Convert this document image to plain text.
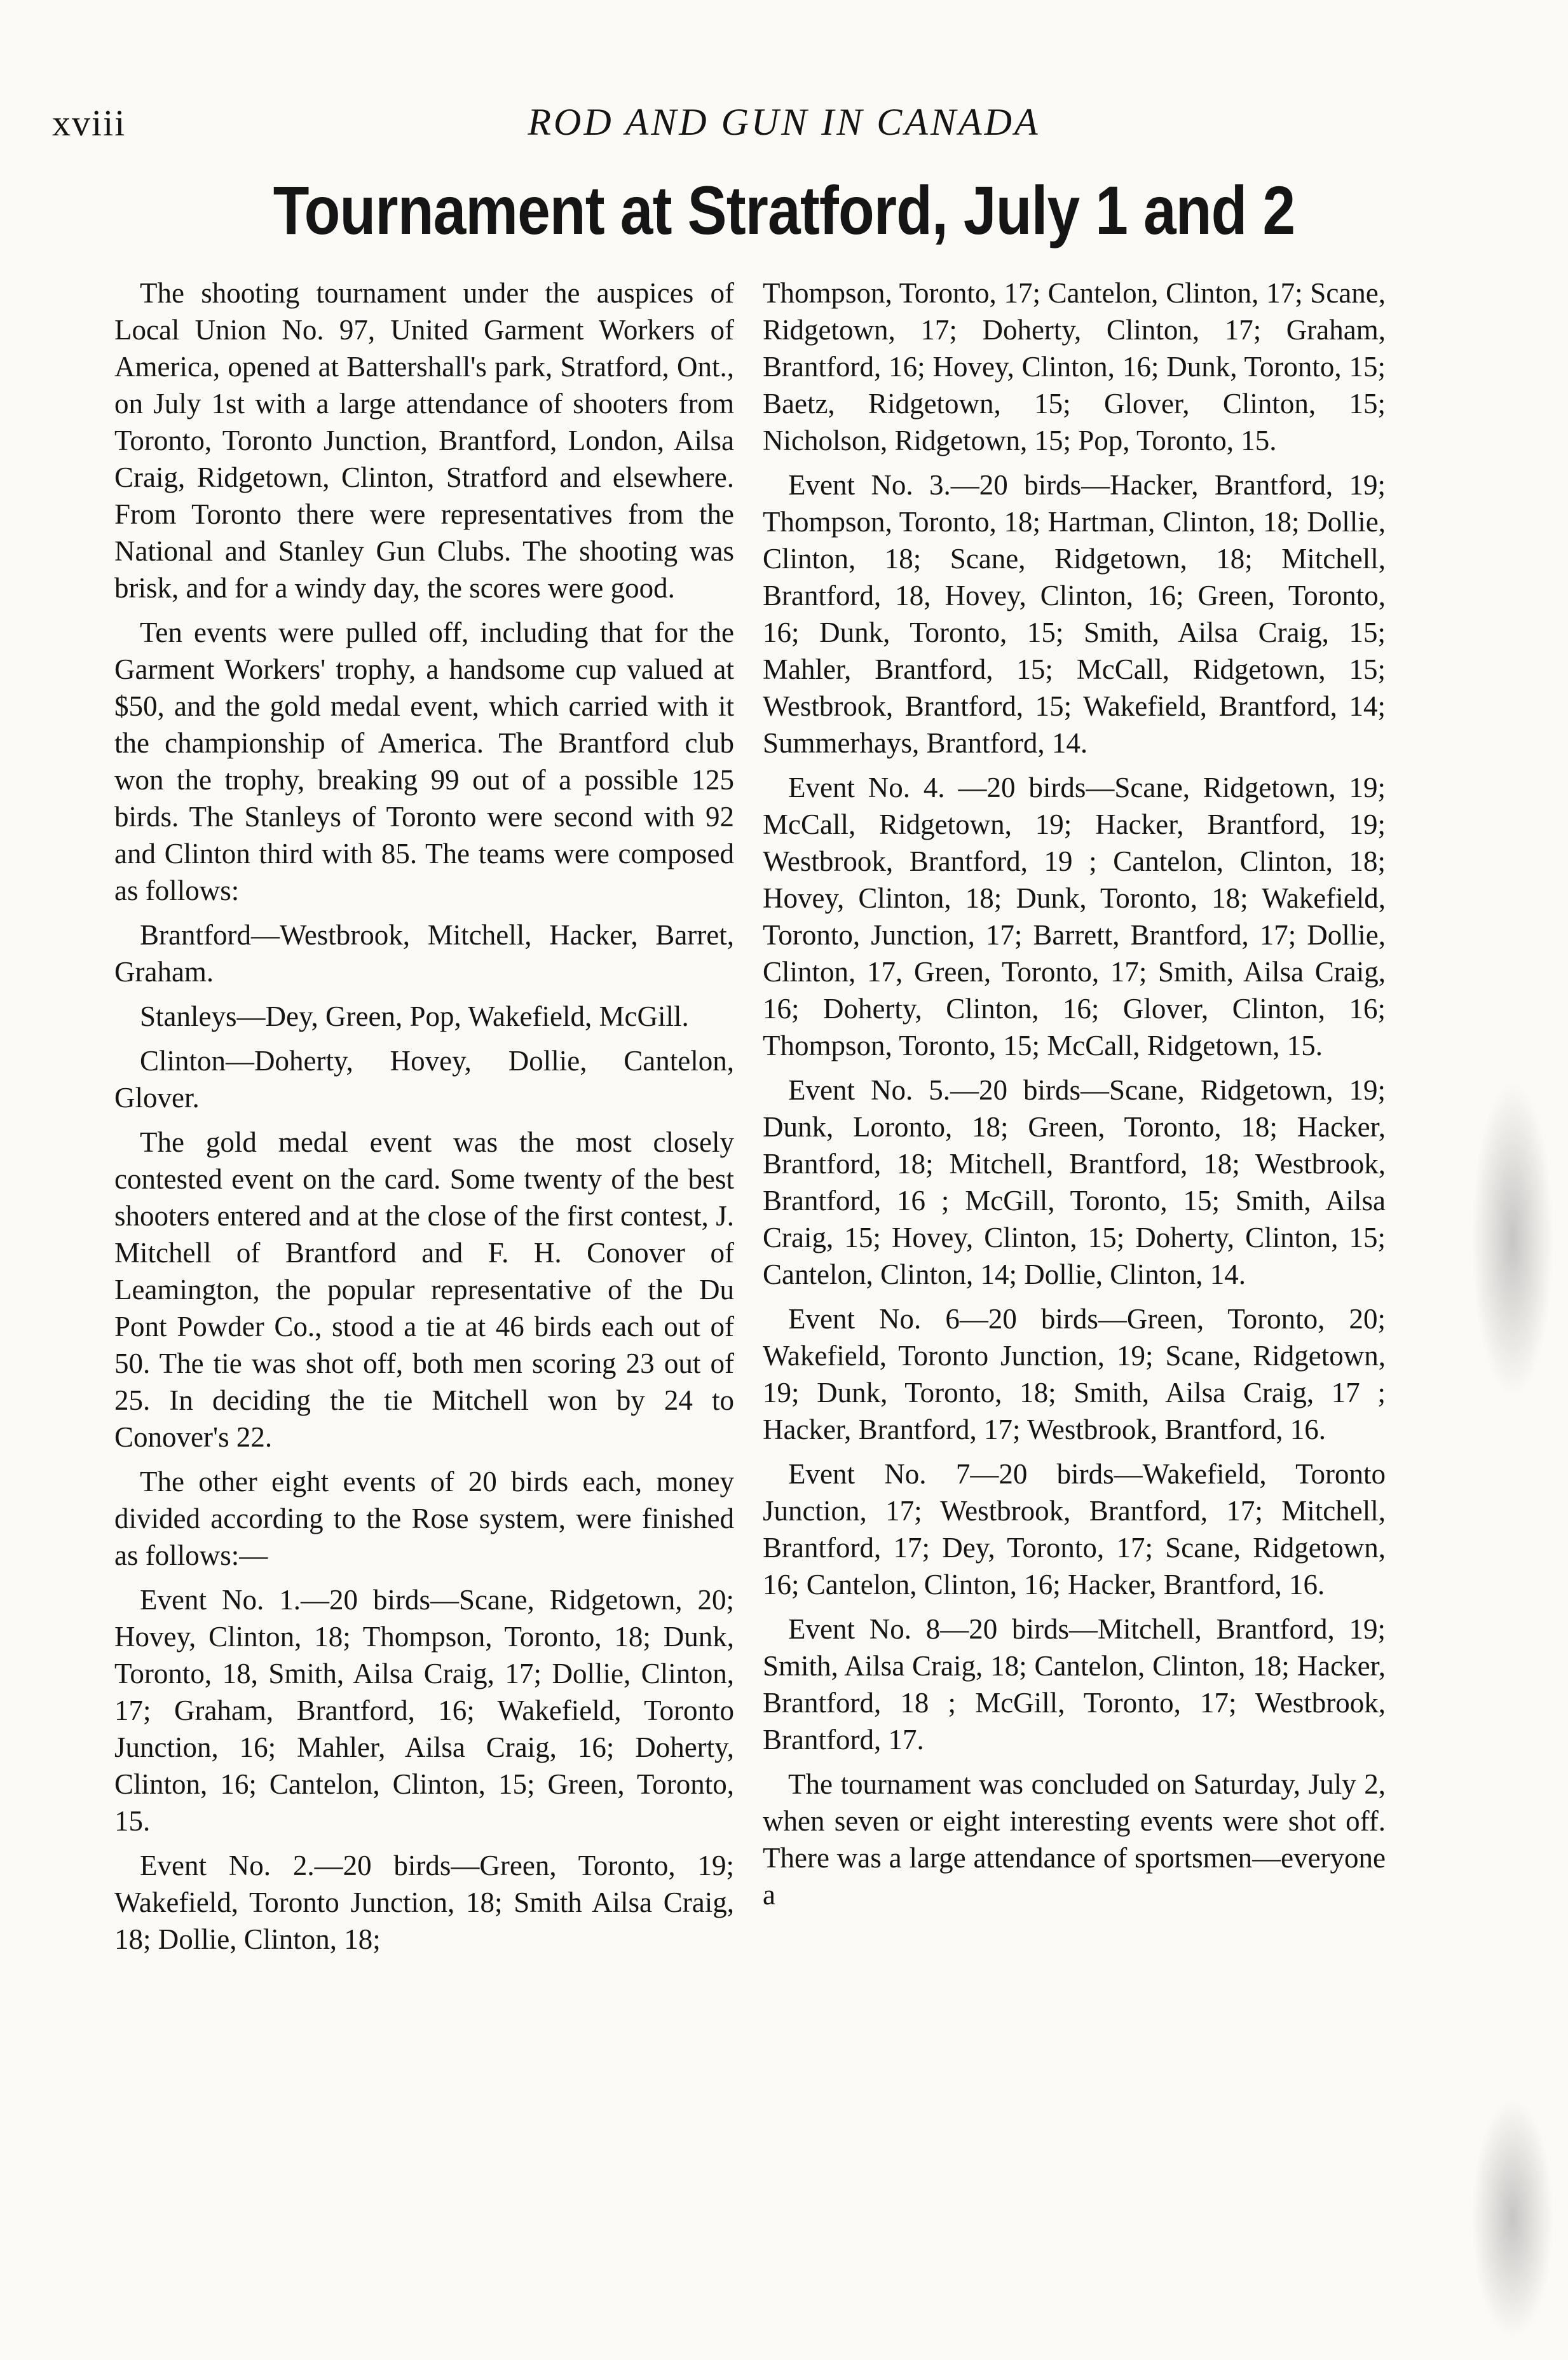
xviii	ROD AND GUN IN CANADA
Tournament at Stratford, July 1 and 2

The shooting tournament under the auspices of Local Union No. 97, United Garment Workers of America, opened at Battershall's park, Stratford, Ont., on July 1st with a large attendance of shooters from Toronto, Toronto Junction, Brantford, London, Ailsa Craig, Ridgetown, Clinton, Stratford and elsewhere. From Toronto there were representatives from the National and Stanley Gun Clubs. The shooting was brisk, and for a windy day, the scores were good.

Ten events were pulled off, including that for the Garment Workers' trophy, a handsome cup valued at $50, and the gold medal event, which carried with it the championship of America. The Brantford club won the trophy, breaking 99 out of a possible 125 birds. The Stanleys of Toronto were second with 92 and Clinton third with 85. The teams were composed as follows:

Brantford—Westbrook, Mitchell, Hacker, Barret, Graham.

Stanleys—Dey, Green, Pop, Wakefield, McGill.

Clinton—Doherty, Hovey, Dollie, Cantelon, Glover.

The gold medal event was the most closely contested event on the card. Some twenty of the best shooters entered and at the close of the first contest, J. Mitchell of Brantford and F. H. Conover of Leamington, the popular representative of the Du Pont Powder Co., stood a tie at 46 birds each out of 50. The tie was shot off, both men scoring 23 out of 25. In deciding the tie Mitchell won by 24 to Conover's 22.

The other eight events of 20 birds each, money divided according to the Rose system, were finished as follows:—

Event No. 1.—20 birds—Scane, Ridgetown, 20; Hovey, Clinton, 18; Thompson, Toronto, 18; Dunk, Toronto, 18, Smith, Ailsa Craig, 17; Dollie, Clinton, 17; Graham, Brantford, 16; Wakefield, Toronto Junction, 16; Mahler, Ailsa Craig, 16; Doherty, Clinton, 16; Cantelon, Clinton, 15; Green, Toronto, 15.

Event No. 2.—20 birds—Green, Toronto, 19; Wakefield, Toronto Junction, 18; Smith Ailsa Craig, 18; Dollie, Clinton, 18;

Thompson, Toronto, 17; Cantelon, Clinton, 17; Scane, Ridgetown, 17; Doherty, Clinton, 17; Graham, Brantford, 16; Hovey, Clinton, 16; Dunk, Toronto, 15; Baetz, Ridgetown, 15; Glover, Clinton, 15; Nicholson, Ridgetown, 15; Pop, Toronto, 15.

Event No. 3.—20 birds—Hacker, Brantford, 19; Thompson, Toronto, 18; Hartman, Clinton, 18; Dollie, Clinton, 18; Scane, Ridgetown, 18; Mitchell, Brantford, 18, Hovey, Clinton, 16; Green, Toronto, 16; Dunk, Toronto, 15; Smith, Ailsa Craig, 15; Mahler, Brantford, 15; McCall, Ridgetown, 15; Westbrook, Brantford, 15; Wakefield, Brantford, 14; Summerhays, Brantford, 14.

Event No. 4. —20 birds—Scane, Ridgetown, 19; McCall, Ridgetown, 19; Hacker, Brantford, 19; Westbrook, Brantford, 19 ; Cantelon, Clinton, 18; Hovey, Clinton, 18; Dunk, Toronto, 18; Wakefield, Toronto, Junction, 17; Barrett, Brantford, 17; Dollie, Clinton, 17, Green, Toronto, 17; Smith, Ailsa Craig, 16; Doherty, Clinton, 16; Glover, Clinton, 16; Thompson, Toronto, 15; McCall, Ridgetown, 15.

Event No. 5.—20 birds—Scane, Ridgetown, 19; Dunk, Loronto, 18; Green, Toronto, 18; Hacker, Brantford, 18; Mitchell, Brantford, 18; Westbrook, Brantford, 16 ; McGill, Toronto, 15; Smith, Ailsa Craig, 15; Hovey, Clinton, 15; Doherty, Clinton, 15; Cantelon, Clinton, 14; Dollie, Clinton, 14.

Event No. 6—20 birds—Green, Toronto, 20; Wakefield, Toronto Junction, 19; Scane, Ridgetown, 19; Dunk, Toronto, 18; Smith, Ailsa Craig, 17 ; Hacker, Brantford, 17; Westbrook, Brantford, 16.

Event No. 7—20 birds—Wakefield, Toronto Junction, 17; Westbrook, Brantford, 17; Mitchell, Brantford, 17; Dey, Toronto, 17; Scane, Ridgetown, 16; Cantelon, Clinton, 16; Hacker, Brantford, 16.

Event No. 8—20 birds—Mitchell, Brantford, 19; Smith, Ailsa Craig, 18; Cantelon, Clinton, 18; Hacker, Brantford, 18 ; McGill, Toronto, 17; Westbrook, Brantford, 17.

The tournament was concluded on Saturday, July 2, when seven or eight interesting events were shot off. There was a large attendance of sportsmen—everyone a
